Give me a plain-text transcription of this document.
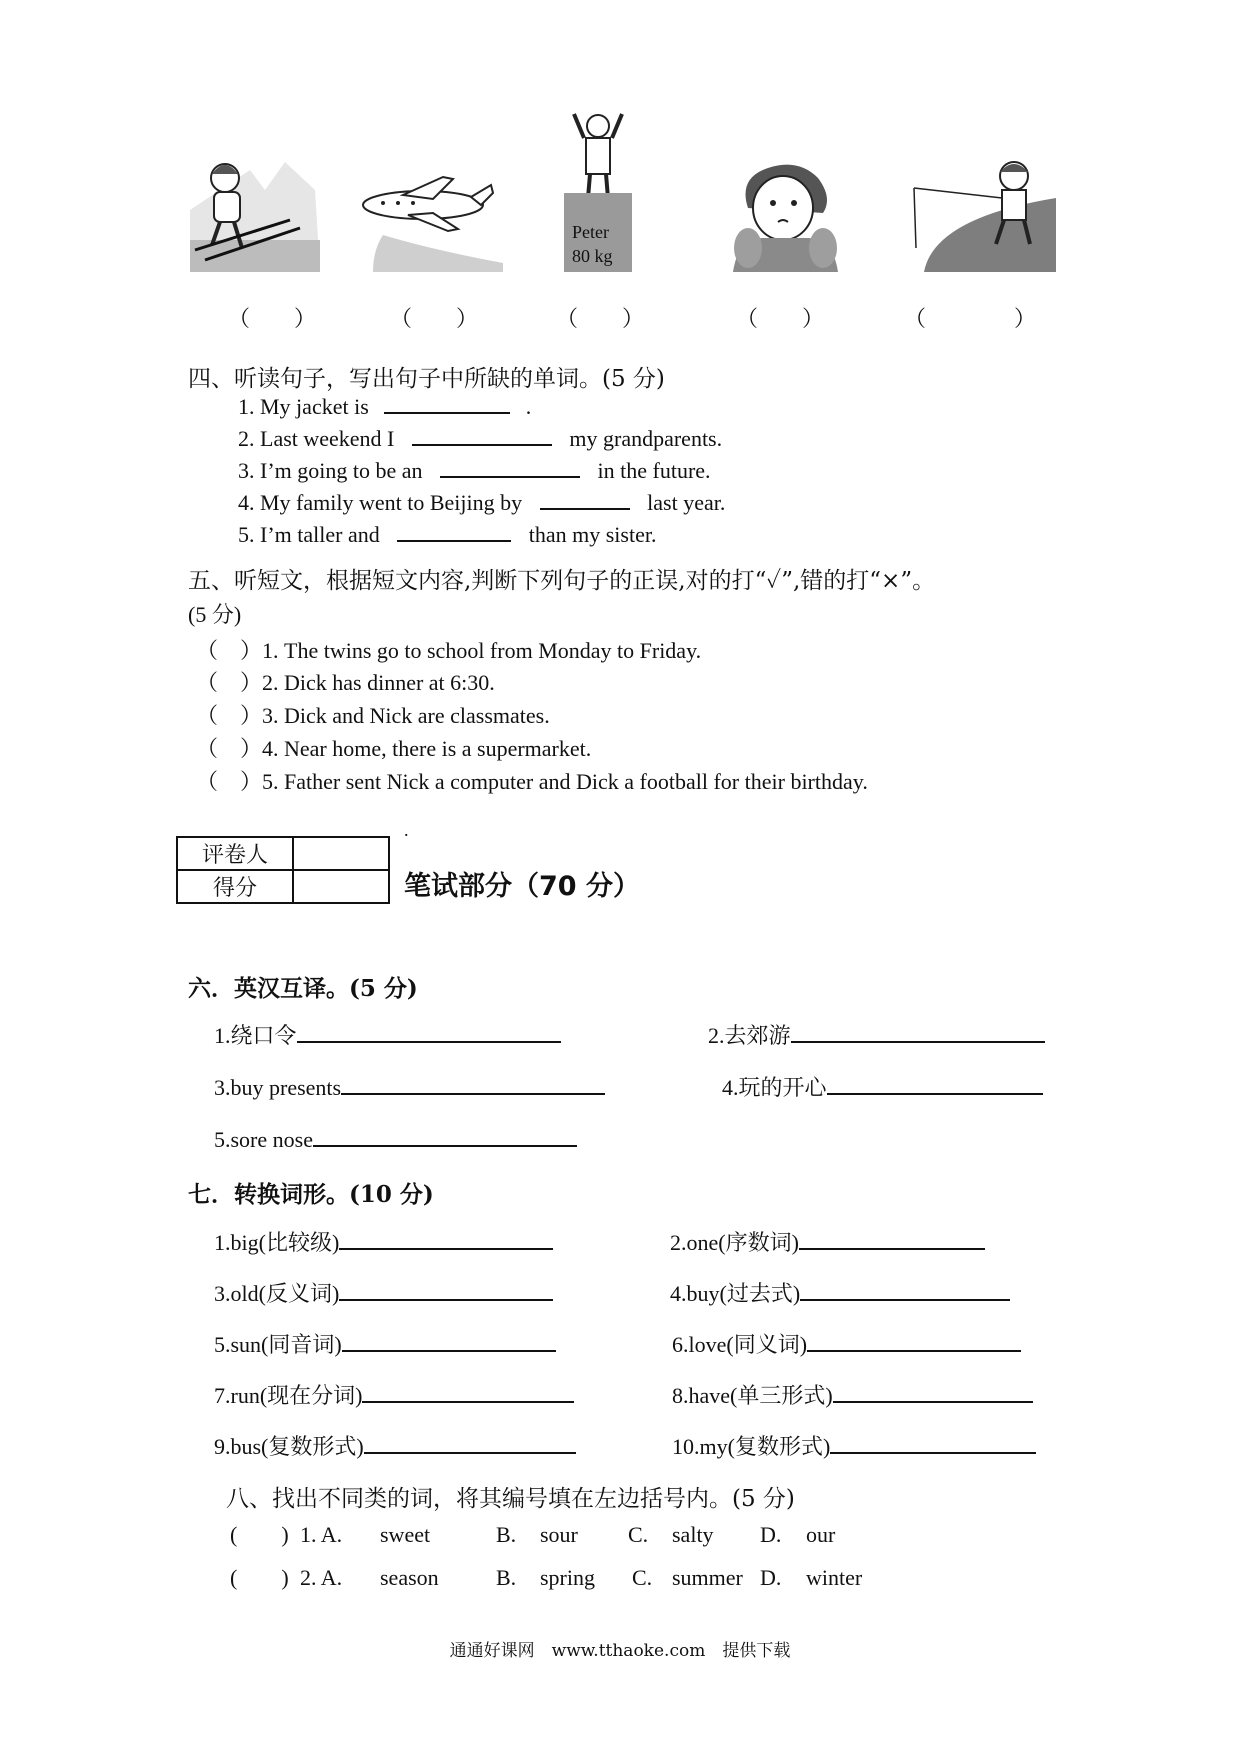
Peter
80 kg
（　　）	（　　）	（　　）	（　　）	（　　　　）
四、听读句子，写出句子中所缺的单词。(5 分)
1. My jacket is	.
2. Last weekend I	my grandparents.
3. I’m going to be an	in the future.
4. My family went to Beijing by	last year.
5. I’m taller and	than my sister.
五、听短文，根据短文内容,判断下列句子的正误,对的打“✓”,错的打“×”。
(5 分)
（　）1. The twins go to school from Monday to Friday.
（　）2. Dick has dinner at 6:30.
（　）3. Dick and Nick are classmates.
（　）4. Near home, there is a supermarket.
（　）5. Father sent Nick a computer and Dick a football for their birthday.
评卷人	
得分	
.
笔试部分（70 分）
六．英汉互译。(5 分)
1.绕口令	2.去郊游
3.buy presents	4.玩的开心
5.sore nose
七．转换词形。(10 分)
1.big(比较级)	2.one(序数词)
3.old(反义词)	4.buy(过去式)
5.sun(同音词)	6.love(同义词)
7.run(现在分词)	8.have(单三形式)
9.bus(复数形式)	10.my(复数形式)
八、找出不同类的词，将其编号填在左边括号内。(5 分)
(　　) 1. A. sweet	B. sour C. salty D. our
(　　) 2. A. season	B. spring C. summer D. winter
通通好课网　www.tthaoke.com　提供下载
